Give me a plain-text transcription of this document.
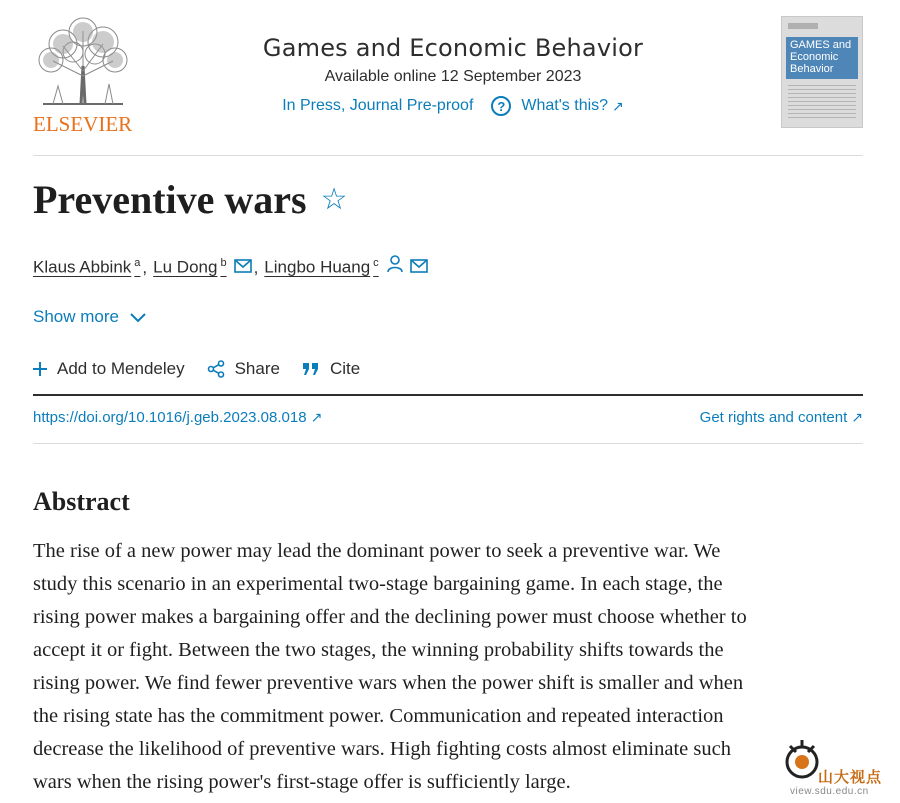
ELSEVIER
Games and Economic Behavior
Available online 12 September 2023
In Press, Journal Pre-proof	?	What's this? ↗
GAMES and Economic Behavior
Preventive wars ☆
Klaus Abbink $^a$ , Lu Dong $^b$ , Lingbo Huang $^c$
Show more
Add to Mendeley	Share	Cite
https://doi.org/10.1016/j.geb.2023.08.018 ↗	Get rights and content ↗
Abstract
The rise of a new power may lead the dominant power to seek a preventive war. We
study this scenario in an experimental two-stage bargaining game. In each stage, the
rising power makes a bargaining offer and the declining power must choose whether to
accept it or fight. Between the two stages, the winning probability shifts towards the
rising power. We find fewer preventive wars when the power shift is smaller and when
the rising state has the commitment power. Communication and repeated interaction
decrease the likelihood of preventive wars. High fighting costs almost eliminate such
wars when the rising power's first-stage offer is sufficiently large.	山大视点
view.sdu.edu.cn
